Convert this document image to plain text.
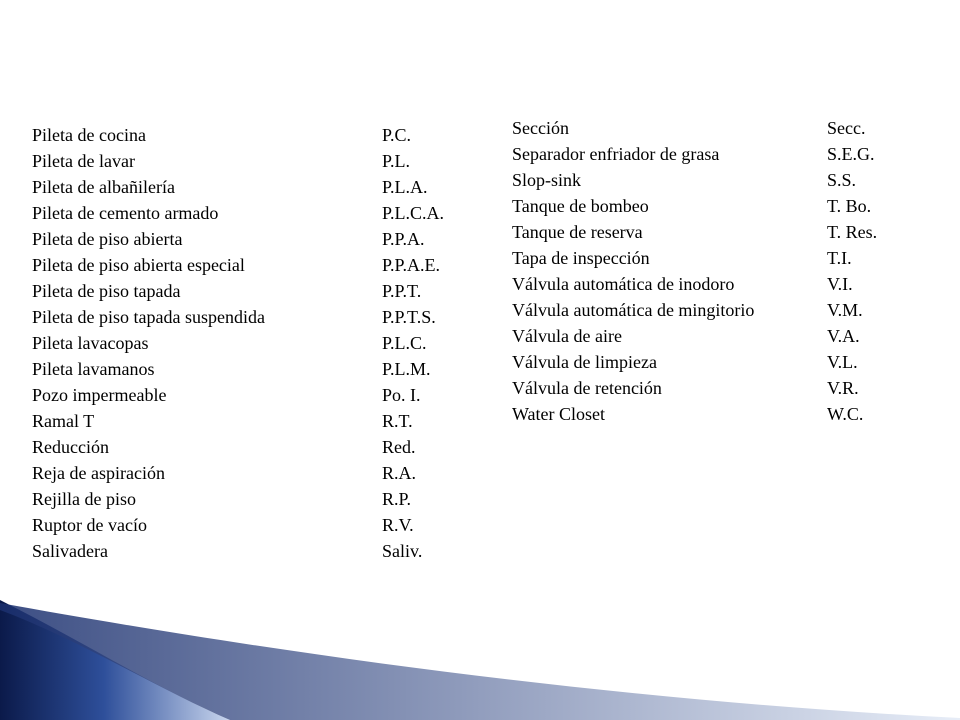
Pileta de cocina	P.C.
Pileta de lavar	P.L.
Pileta de albañilería	P.L.A.
Pileta de cemento armado	P.L.C.A.
Pileta de piso abierta	P.P.A.
Pileta de piso abierta especial	P.P.A.E.
Pileta de piso tapada	P.P.T.
Pileta de piso tapada suspendida	P.P.T.S.
Pileta lavacopas	P.L.C.
Pileta lavamanos	P.L.M.
Pozo impermeable	Po. I.
Ramal T	R.T.
Reducción	Red.
Reja de aspiración	R.A.
Rejilla de piso	R.P.
Ruptor de vacío	R.V.
Salivadera	Saliv.
Sección	Secc.
Separador enfriador de grasa	S.E.G.
Slop-sink	S.S.
Tanque de bombeo	T. Bo.
Tanque de reserva	T. Res.
Tapa de inspección	T.I.
Válvula automática de inodoro	V.I.
Válvula automática de mingitorio	V.M.
Válvula de aire	V.A.
Válvula de limpieza	V.L.
Válvula de retención	V.R.
Water Closet	W.C.
